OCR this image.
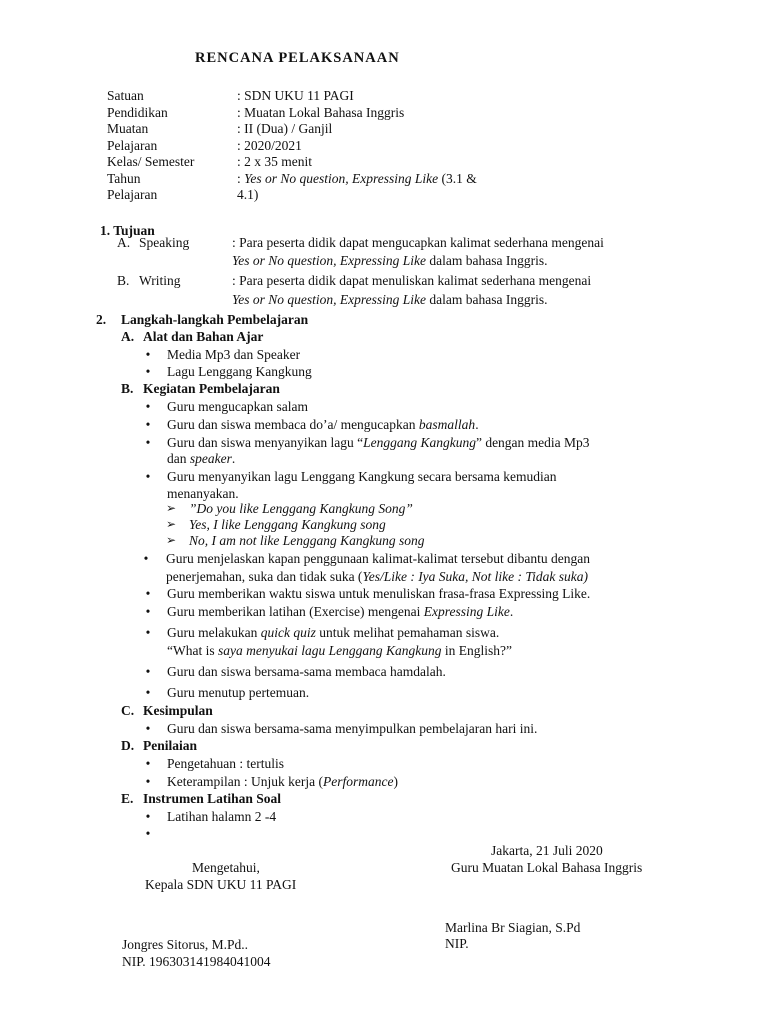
RENCANA PELAKSANAAN
Satuan	: SDN UKU 11 PAGI
Pendidikan	: Muatan Lokal Bahasa Inggris
Muatan	: II (Dua) / Ganjil
Pelajaran	: 2020/2021
Kelas/ Semester	: 2 x 35 menit
Tahun	: Yes or No question, Expressing Like (3.1 &
Pelajaran	4.1)
1. Tujuan
A. Speaking	: Para peserta didik dapat mengucapkan kalimat sederhana mengenai
Yes or No question, Expressing Like dalam bahasa Inggris.
B. Writing	: Para peserta didik dapat menuliskan kalimat sederhana mengenai
Yes or No question, Expressing Like dalam bahasa Inggris.
2. Langkah-langkah Pembelajaran
A. Alat dan Bahan Ajar
• Media Mp3 dan Speaker
• Lagu Lenggang Kangkung
B. Kegiatan Pembelajaran
• Guru mengucapkan salam
• Guru dan siswa membaca do’a/ mengucapkan basmallah.
• Guru dan siswa menyanyikan lagu “Lenggang Kangkung” dengan media Mp3
dan speaker.
• Guru menyanyikan lagu Lenggang Kangkung secara bersama kemudian
menanyakan.
➢ ”Do you like Lenggang Kangkung Song”
➢ Yes, I like Lenggang Kangkung song
➢ No, I am not like Lenggang Kangkung song
• Guru menjelaskan kapan penggunaan kalimat-kalimat tersebut dibantu dengan
penerjemahan, suka dan tidak suka (Yes/Like : Iya Suka, Not like : Tidak suka)
• Guru memberikan waktu siswa untuk menuliskan frasa-frasa Expressing Like.
• Guru memberikan latihan (Exercise) mengenai Expressing Like.
• Guru melakukan quick quiz untuk melihat pemahaman siswa.
“What is saya menyukai lagu Lenggang Kangkung in English?”
• Guru dan siswa bersama-sama membaca hamdalah.
• Guru menutup pertemuan.
C. Kesimpulan
• Guru dan siswa bersama-sama menyimpulkan pembelajaran hari ini.
D. Penilaian
• Pengetahuan : tertulis
• Keterampilan : Unjuk kerja (Performance)
E. Instrumen Latihan Soal
• Latihan halamn 2 -4
•
Jakarta, 21 Juli 2020
Guru Muatan Lokal Bahasa Inggris
Mengetahui,
Kepala SDN UKU 11 PAGI
Marlina Br Siagian, S.Pd
NIP.
Jongres Sitorus, M.Pd..
NIP. 196303141984041004
